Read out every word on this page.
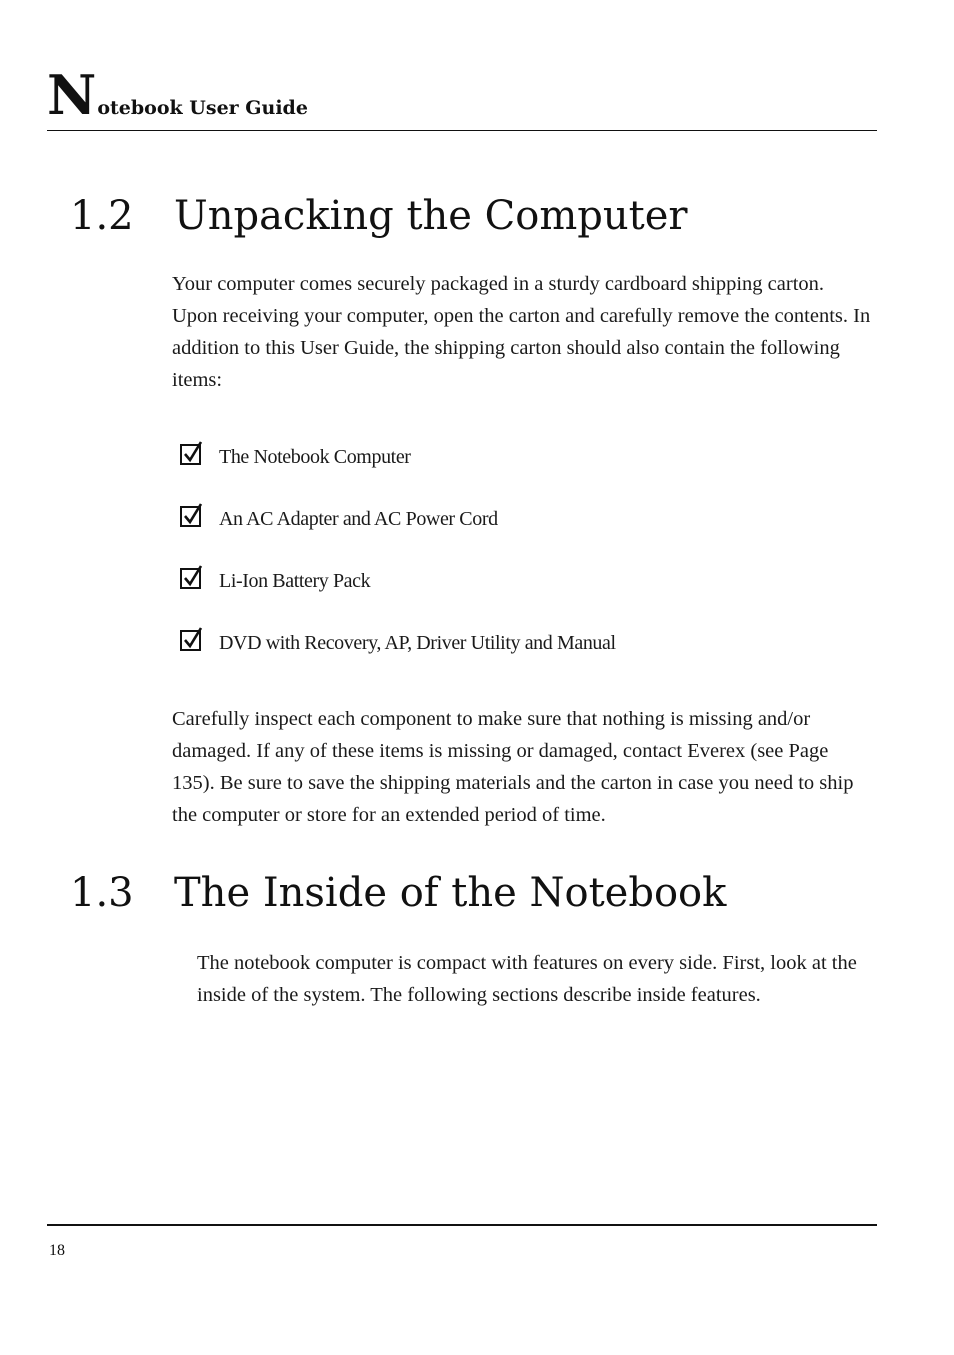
Notebook User Guide
1.2 Unpacking the Computer

Your computer comes securely packaged in a sturdy cardboard shipping carton. Upon receiving your computer, open the carton and carefully remove the contents. In addition to this User Guide, the shipping carton should also contain the following items:

The Notebook Computer
An AC Adapter and AC Power Cord
Li-Ion Battery Pack
DVD with Recovery, AP, Driver Utility and Manual

Carefully inspect each component to make sure that nothing is missing and/or damaged. If any of these items is missing or damaged, contact Everex (see Page 135). Be sure to save the shipping materials and the carton in case you need to ship the computer or store for an extended period of time.

1.3 The Inside of the Notebook

The notebook computer is compact with features on every side. First, look at the inside of the system. The following sections describe inside features.

18
